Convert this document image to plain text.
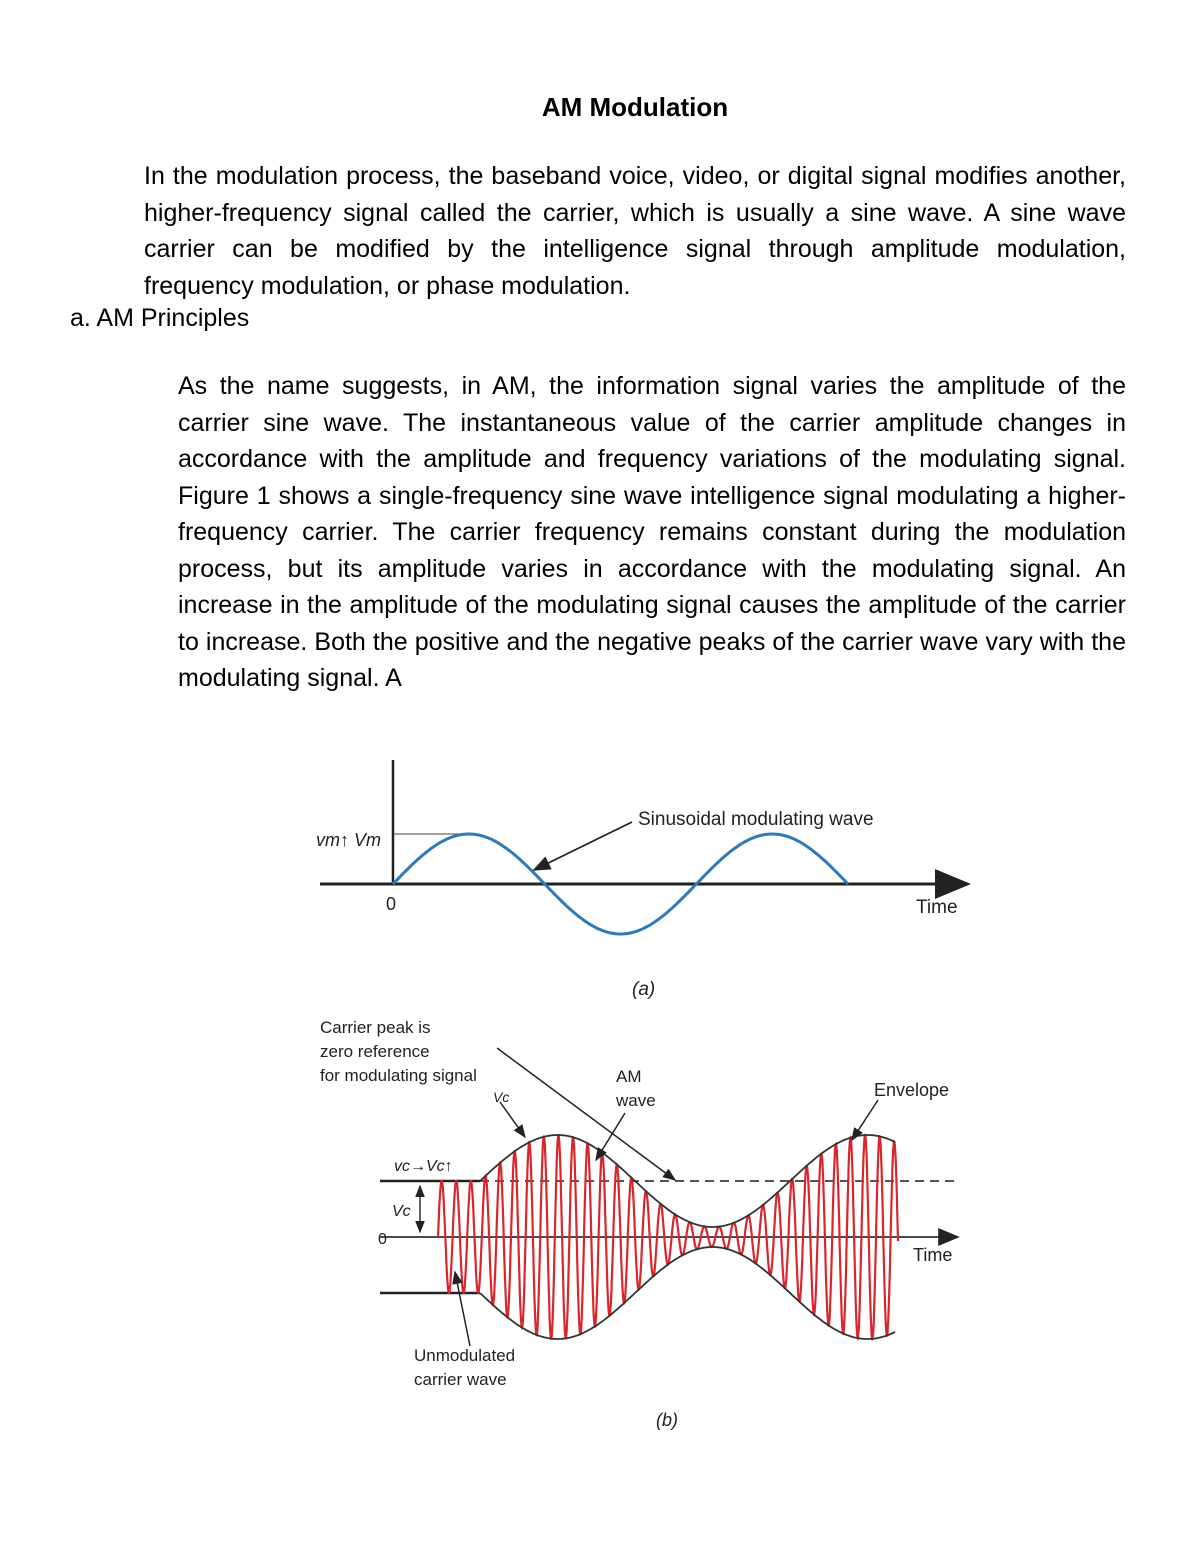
AM Modulation
In the modulation process, the baseband voice, video, or digital signal modifies another, higher-frequency signal called the carrier, which is usually a sine wave. A sine wave carrier can be modified by the intelligence signal through amplitude modulation, frequency modulation, or phase modulation.
a. AM Principles
As the name suggests, in AM, the information signal varies the amplitude of the carrier sine wave. The instantaneous value of the carrier amplitude changes in accordance with the amplitude and frequency variations of the modulating signal. Figure 1 shows a single-frequency sine wave intelligence signal modulating a higher-frequency carrier. The carrier frequency remains constant during the modulation process, but its amplitude varies in accordance with the modulating signal. An increase in the amplitude of the modulating signal causes the amplitude of the carrier to increase. Both the positive and the negative peaks of the carrier wave vary with the modulating signal. A
vm↑ Vm
0	Time
Sinusoidal modulating wave
(a)
Carrier peak is
zero reference
for modulating signal
Vc
AM
wave
Envelope
vc→Vc↑
Vc
0
Time
Unmodulated
carrier wave
(b)
